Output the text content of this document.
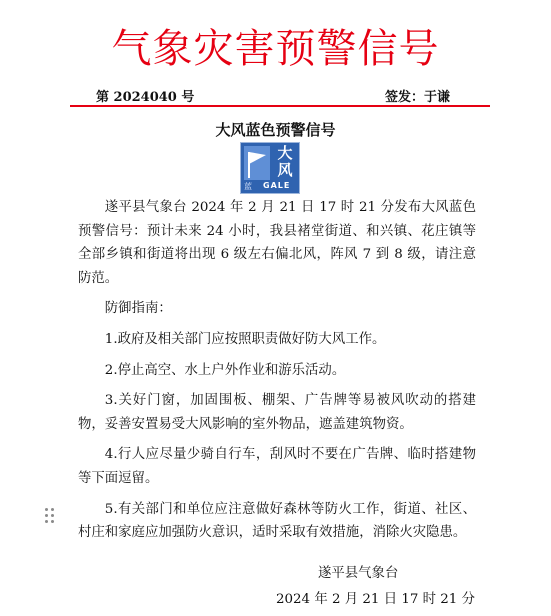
气象灾害预警信号
第 2024040 号	签发：于谦
大风蓝色预警信号
大
风
蓝 GALE

遂平县气象台 2024 年 2 月 21 日 17 时 21 分发布大风蓝色预警信号：预计未来 24 小时，我县褚堂街道、和兴镇、花庄镇等全部乡镇和街道将出现 6 级左右偏北风，阵风 7 到 8 级，请注意防范。

防御指南：

1.政府及相关部门应按照职责做好防大风工作。

2.停止高空、水上户外作业和游乐活动。

3.关好门窗，加固围板、棚架、广告牌等易被风吹动的搭建物，妥善安置易受大风影响的室外物品，遮盖建筑物资。

4.行人应尽量少骑自行车，刮风时不要在广告牌、临时搭建物等下面逗留。

5.有关部门和单位应注意做好森林等防火工作，街道、社区、村庄和家庭应加强防火意识，适时采取有效措施，消除火灾隐患。

遂平县气象台
2024 年 2 月 21 日 17 时 21 分
